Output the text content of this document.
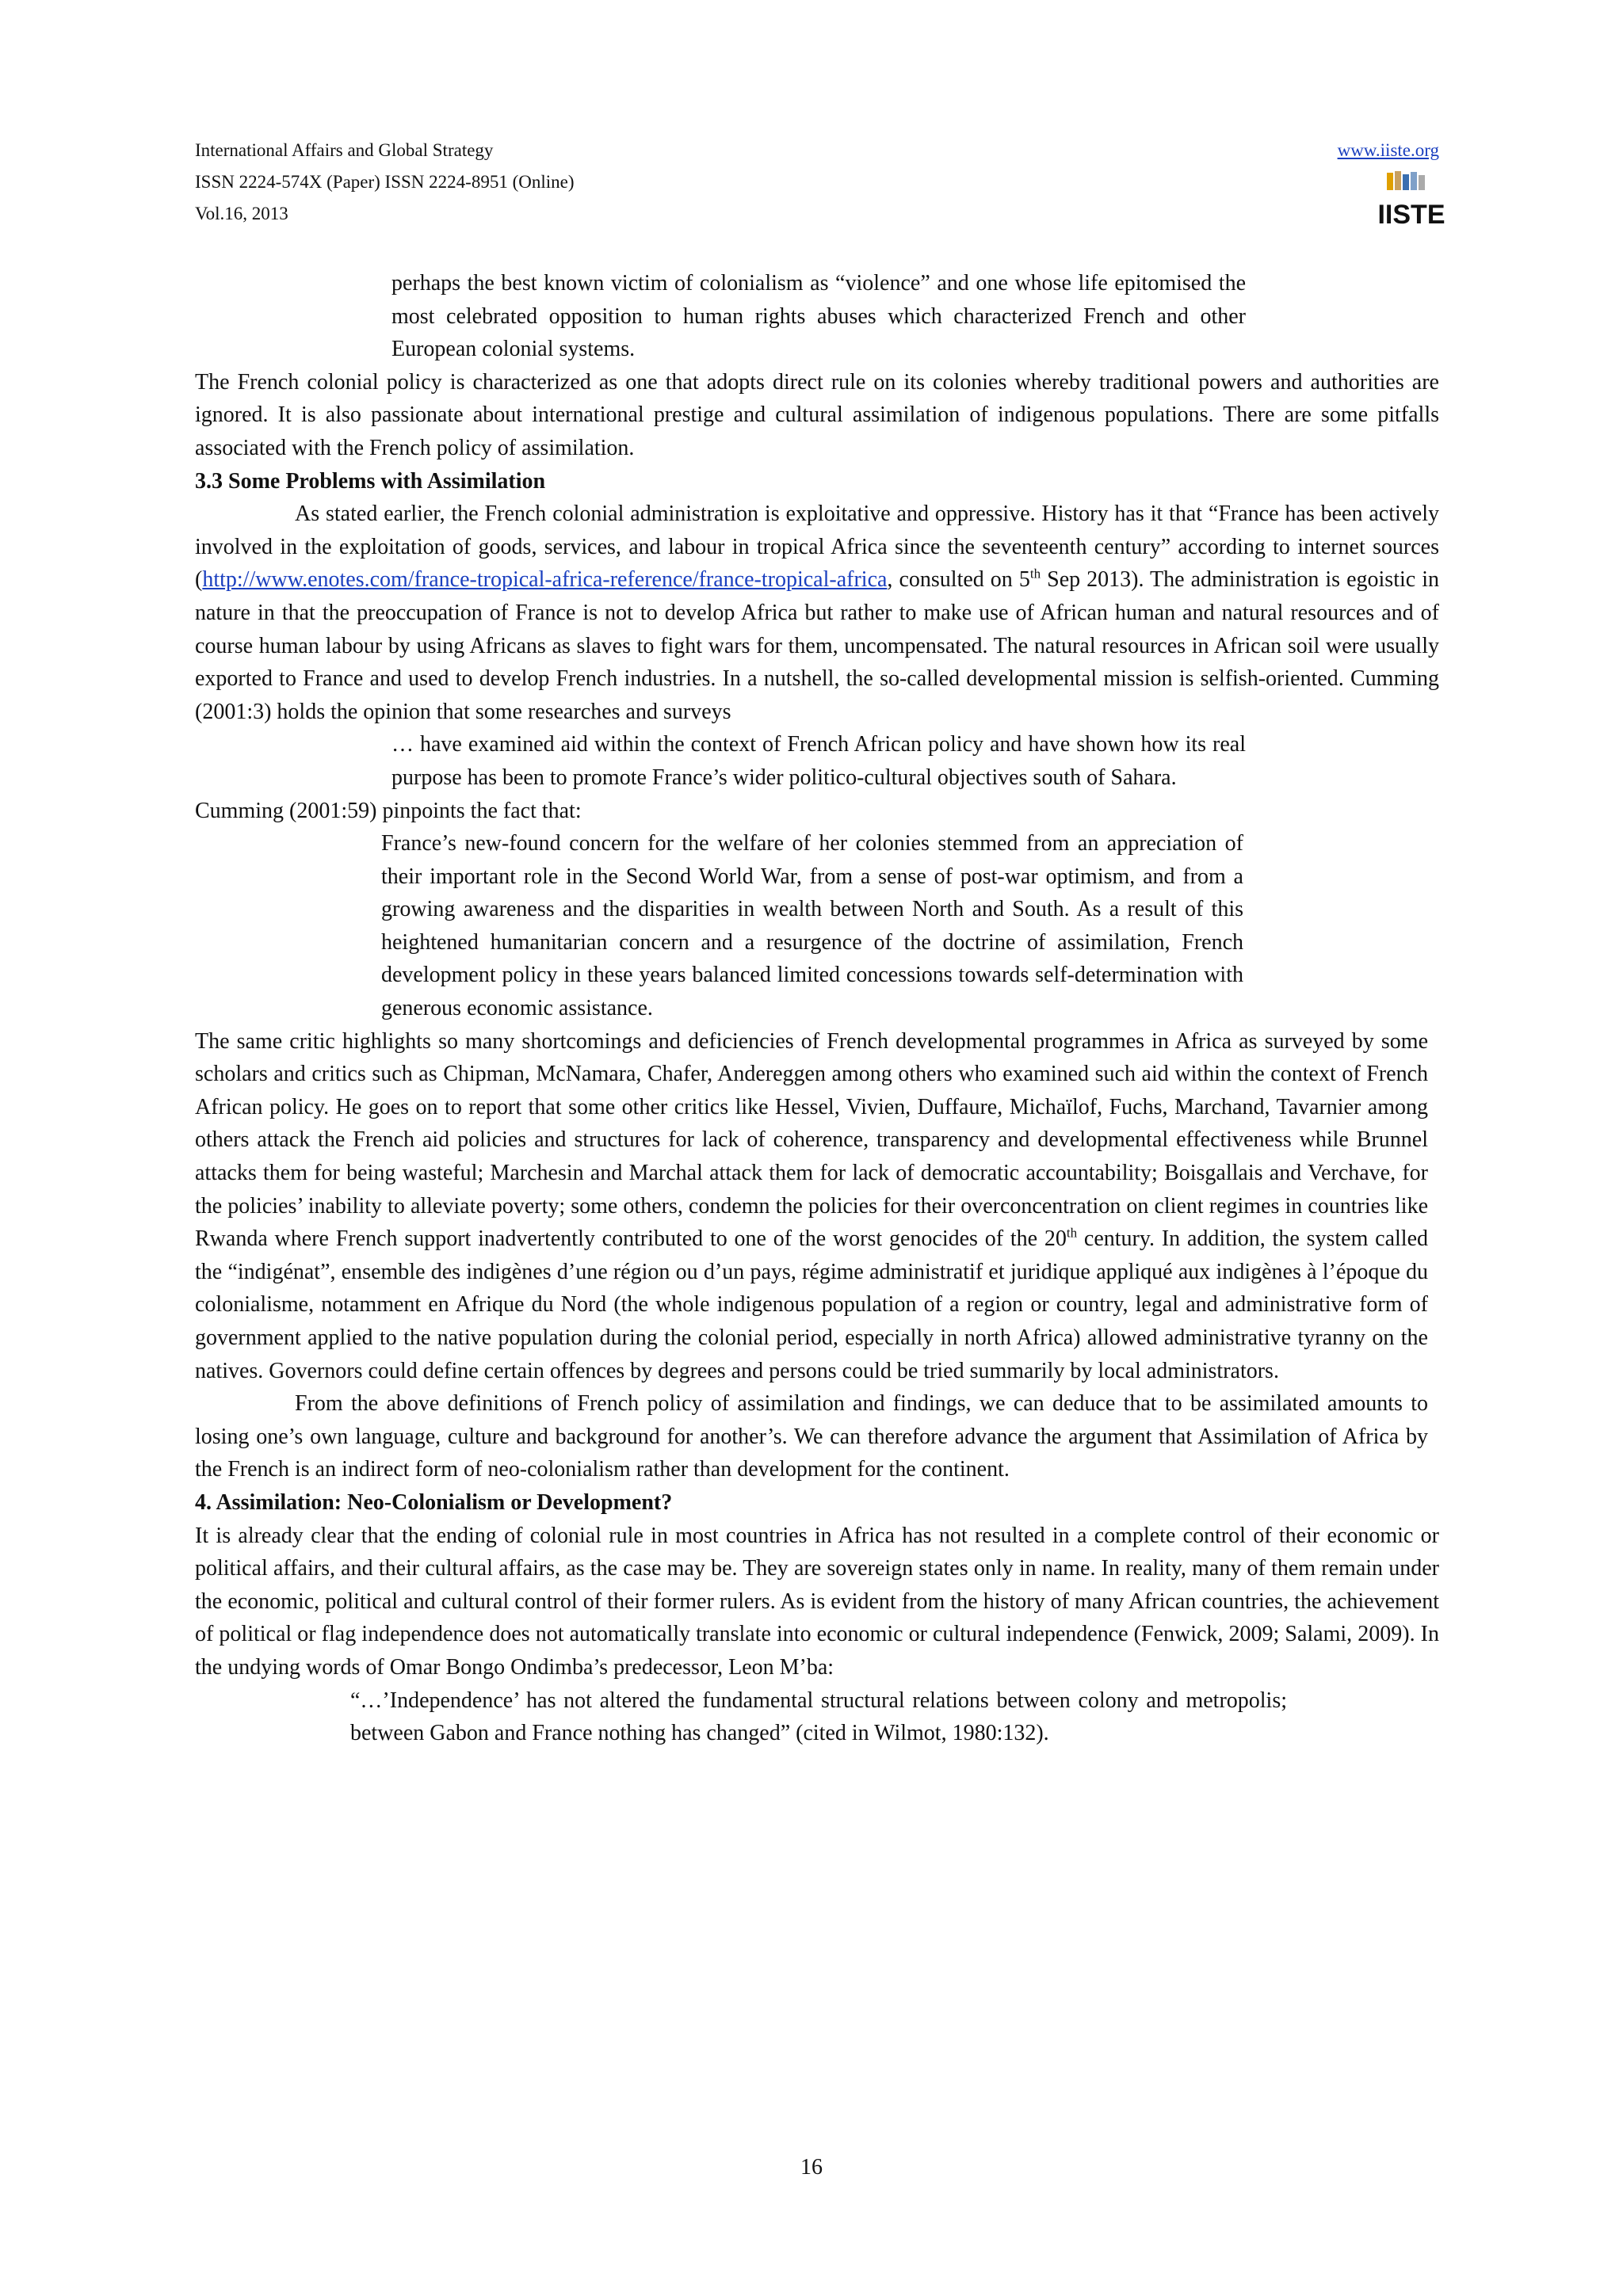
International Affairs and Global Strategy
ISSN 2224-574X (Paper) ISSN 2224-8951 (Online)
Vol.16, 2013
www.iiste.org
IISTE

perhaps the best known victim of colonialism as “violence” and one whose life epitomised the most celebrated opposition to human rights abuses which characterized French and other European colonial systems.

The French colonial policy is characterized as one that adopts direct rule on its colonies whereby traditional powers and authorities are ignored. It is also passionate about international prestige and cultural assimilation of indigenous populations. There are some pitfalls associated with the French policy of assimilation.

3.3 Some Problems with Assimilation

As stated earlier, the French colonial administration is exploitative and oppressive. History has it that “France has been actively involved in the exploitation of goods, services, and labour in tropical Africa since the seventeenth century” according to internet sources (http://www.enotes.com/france-tropical-africa-reference/france-tropical-africa, consulted on 5th Sep 2013). The administration is egoistic in nature in that the preoccupation of France is not to develop Africa but rather to make use of African human and natural resources and of course human labour by using Africans as slaves to fight wars for them, uncompensated. The natural resources in African soil were usually exported to France and used to develop French industries. In a nutshell, the so-called developmental mission is selfish-oriented. Cumming (2001:3) holds the opinion that some researches and surveys

… have examined aid within the context of French African policy and have shown how its real purpose has been to promote France’s wider politico-cultural objectives south of Sahara.

Cumming (2001:59) pinpoints the fact that:

France’s new-found concern for the welfare of her colonies stemmed from an appreciation of their important role in the Second World War, from a sense of post-war optimism, and from a growing awareness and the disparities in wealth between North and South. As a result of this heightened humanitarian concern and a resurgence of the doctrine of assimilation, French development policy in these years balanced limited concessions towards self-determination with generous economic assistance.

The same critic highlights so many shortcomings and deficiencies of French developmental programmes in Africa as surveyed by some scholars and critics such as Chipman, McNamara, Chafer, Andereggen among others who examined such aid within the context of French African policy. He goes on to report that some other critics like Hessel, Vivien, Duffaure, Michaïlof, Fuchs, Marchand, Tavarnier among others attack the French aid policies and structures for lack of coherence, transparency and developmental effectiveness while Brunnel attacks them for being wasteful; Marchesin and Marchal attack them for lack of democratic accountability; Boisgallais and Verchave, for the policies’ inability to alleviate poverty; some others, condemn the policies for their overconcentration on client regimes in countries like Rwanda where French support inadvertently contributed to one of the worst genocides of the 20th century. In addition, the system called the “indigénat”, ensemble des indigènes d’une région ou d’un pays, régime administratif et juridique appliqué aux indigènes à l’époque du colonialisme, notamment en Afrique du Nord (the whole indigenous population of a region or country, legal and administrative form of government applied to the native population during the colonial period, especially in north Africa) allowed administrative tyranny on the natives. Governors could define certain offences by degrees and persons could be tried summarily by local administrators.

From the above definitions of French policy of assimilation and findings, we can deduce that to be assimilated amounts to losing one’s own language, culture and background for another’s. We can therefore advance the argument that Assimilation of Africa by the French is an indirect form of neo-colonialism rather than development for the continent.

4. Assimilation: Neo-Colonialism or Development?

It is already clear that the ending of colonial rule in most countries in Africa has not resulted in a complete control of their economic or political affairs, and their cultural affairs, as the case may be. They are sovereign states only in name. In reality, many of them remain under the economic, political and cultural control of their former rulers. As is evident from the history of many African countries, the achievement of political or flag independence does not automatically translate into economic or cultural independence (Fenwick, 2009; Salami, 2009). In the undying words of Omar Bongo Ondimba’s predecessor, Leon M’ba:

“…’Independence’ has not altered the fundamental structural relations between colony and metropolis; between Gabon and France nothing has changed” (cited in Wilmot, 1980:132).

16
